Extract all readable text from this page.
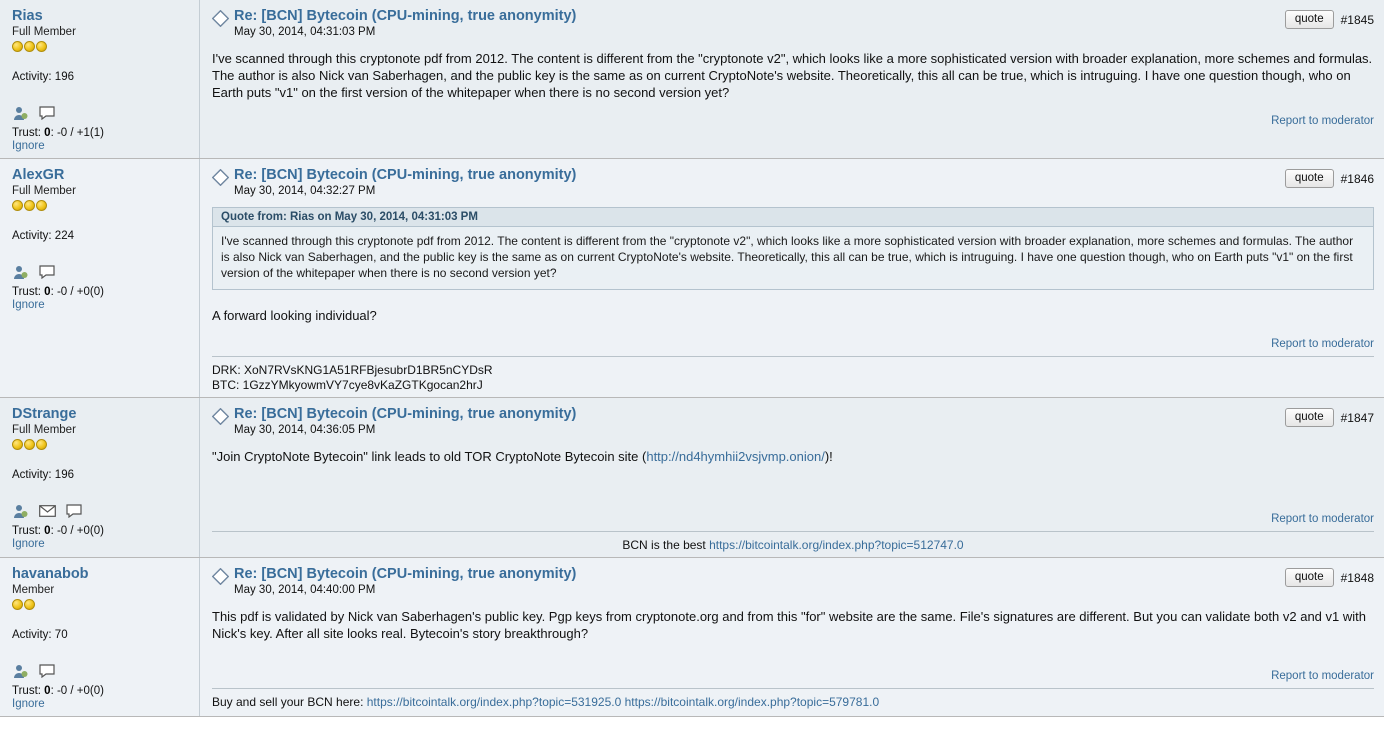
Rias
Full Member
Activity: 196

Trust: 0: -0 / +1(1)
Ignore
Re: [BCN] Bytecoin (CPU-mining, true anonymity)
May 30, 2014, 04:31:03 PM
quote	#1845
I've scanned through this cryptonote pdf from 2012. The content is different from the "cryptonote v2", which looks like a more sophisticated version with broader explanation, more schemes and formulas. The author is also Nick van Saberhagen, and the public key is the same as on current CryptoNote's website. Theoretically, this all can be true, which is intruguing. I have one question though, who on Earth puts "v1" on the first version of the whitepaper when there is no second version yet?
Report to moderator
AlexGR
Full Member
Activity: 224

Trust: 0: -0 / +0(0)
Ignore
Re: [BCN] Bytecoin (CPU-mining, true anonymity)
May 30, 2014, 04:32:27 PM
quote	#1846
Quote from: Rias on May 30, 2014, 04:31:03 PM
I've scanned through this cryptonote pdf from 2012. The content is different from the "cryptonote v2", which looks like a more sophisticated version with broader explanation, more schemes and formulas. The author is also Nick van Saberhagen, and the public key is the same as on current CryptoNote's website. Theoretically, this all can be true, which is intruguing. I have one question though, who on Earth puts "v1" on the first version of the whitepaper when there is no second version yet?
A forward looking individual?
Report to moderator
DRK: XoN7RVsKNG1A51RFBjesubrD1BR5nCYDsR
BTC: 1GzzYMkyowmVY7cye8vKaZGTKgocan2hrJ
DStrange
Full Member
Activity: 196

Trust: 0: -0 / +0(0)
Ignore
Re: [BCN] Bytecoin (CPU-mining, true anonymity)
May 30, 2014, 04:36:05 PM
quote	#1847
"Join CryptoNote Bytecoin" link leads to old TOR CryptoNote Bytecoin site (http://nd4hymhii2vsjvmp.onion/)!
Report to moderator
BCN is the best https://bitcointalk.org/index.php?topic=512747.0
havanabob
Member
Activity: 70

Trust: 0: -0 / +0(0)
Ignore
Re: [BCN] Bytecoin (CPU-mining, true anonymity)
May 30, 2014, 04:40:00 PM
quote	#1848
This pdf is validated by Nick van Saberhagen's public key. Pgp keys from cryptonote.org and from this "for" website are the same. File's signatures are different. But you can validate both v2 and v1 with Nick's key. After all site looks real. Bytecoin's story breakthrough?
Report to moderator
Buy and sell your BCN here: https://bitcointalk.org/index.php?topic=531925.0 https://bitcointalk.org/index.php?topic=579781.0
